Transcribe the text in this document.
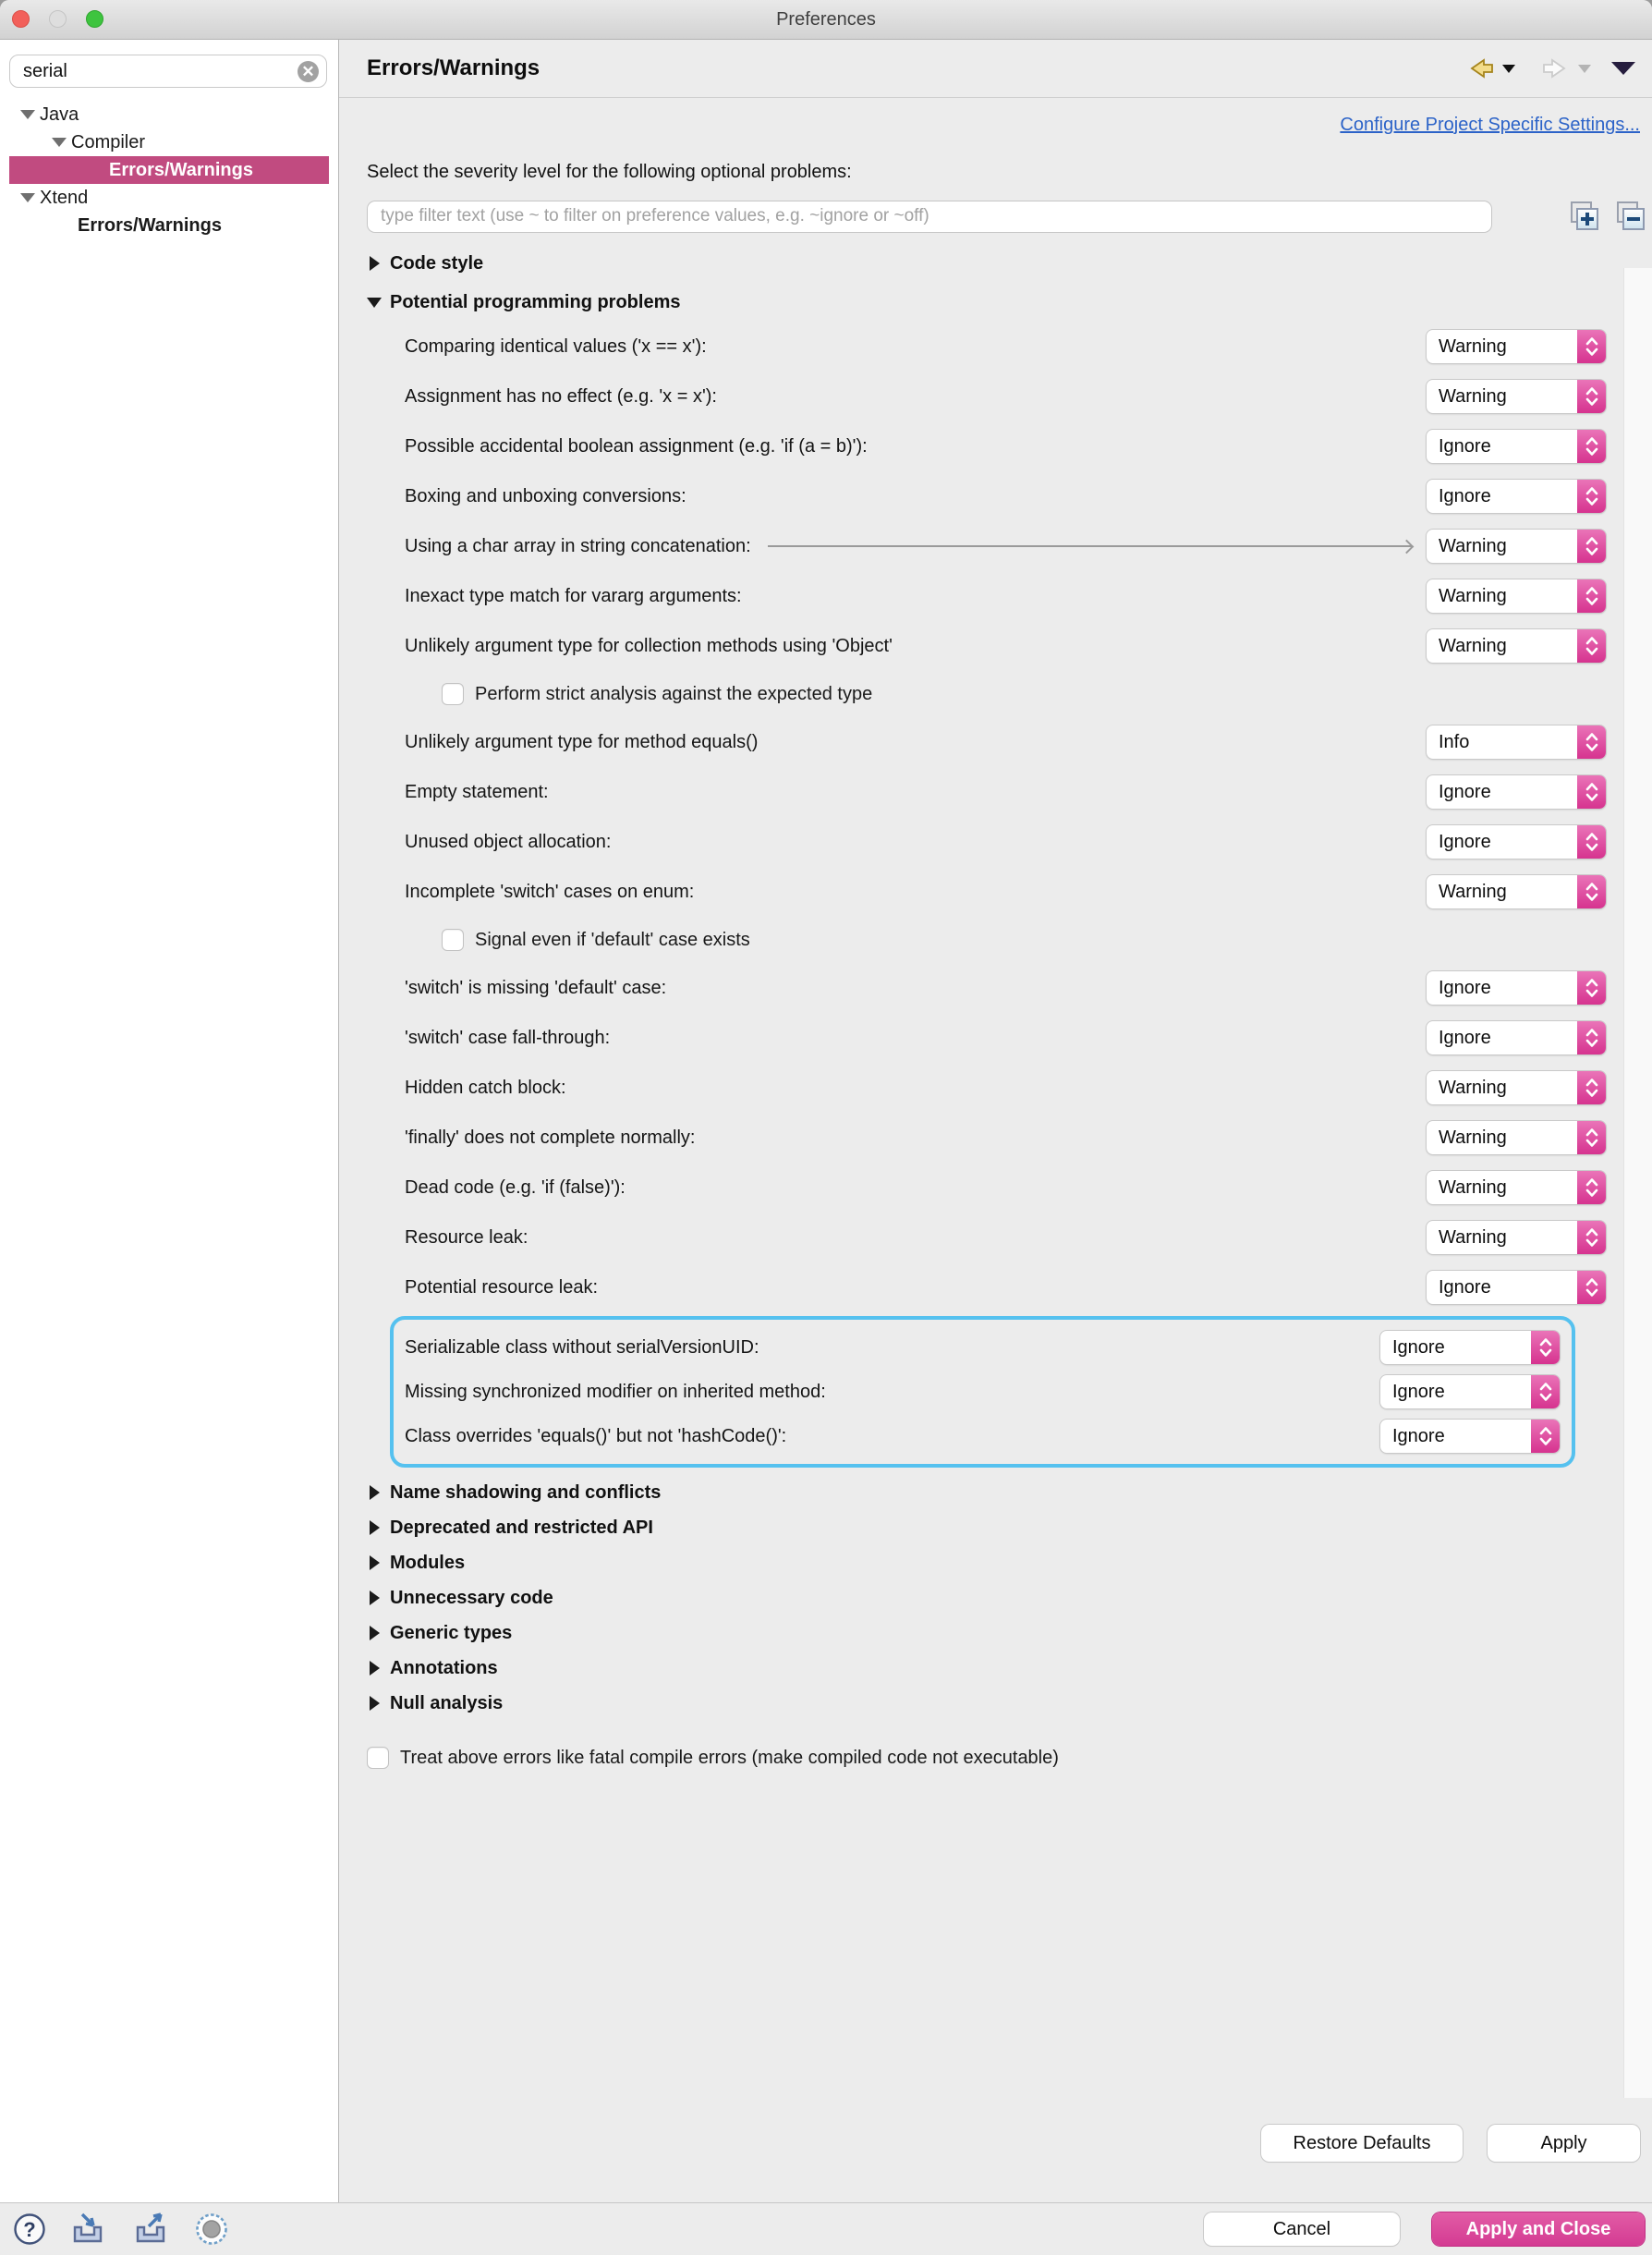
Preferences
serial
✕
Java
Compiler
Errors/Warnings
Xtend
Errors/Warnings
Errors/Warnings
Configure Project Specific Settings...
Select the severity level for the following optional problems:
type filter text (use ~ to filter on preference values, e.g. ~ignore or ~off)
Code style
Potential programming problems
Comparing identical values ('x == x'):	Warning
Assignment has no effect (e.g. 'x = x'):	Warning
Possible accidental boolean assignment (e.g. 'if (a = b)'):	Ignore
Boxing and unboxing conversions:	Ignore
Using a char array in string concatenation:	Warning
Inexact type match for vararg arguments:	Warning
Unlikely argument type for collection methods using 'Object'	Warning
Perform strict analysis against the expected type
Unlikely argument type for method equals()	Info
Empty statement:	Ignore
Unused object allocation:	Ignore
Incomplete 'switch' cases on enum:	Warning
Signal even if 'default' case exists
'switch' is missing 'default' case:	Ignore
'switch' case fall-through:	Ignore
Hidden catch block:	Warning
'finally' does not complete normally:	Warning
Dead code (e.g. 'if (false)'):	Warning
Resource leak:	Warning
Potential resource leak:	Ignore
Serializable class without serialVersionUID:	Ignore
Missing synchronized modifier on inherited method:	Ignore
Class overrides 'equals()' but not 'hashCode()':	Ignore
Name shadowing and conflicts
Deprecated and restricted API
Modules
Unnecessary code
Generic types
Annotations
Null analysis
Treat above errors like fatal compile errors (make compiled code not executable)
Restore Defaults	Apply
?	Cancel	Apply and Close
